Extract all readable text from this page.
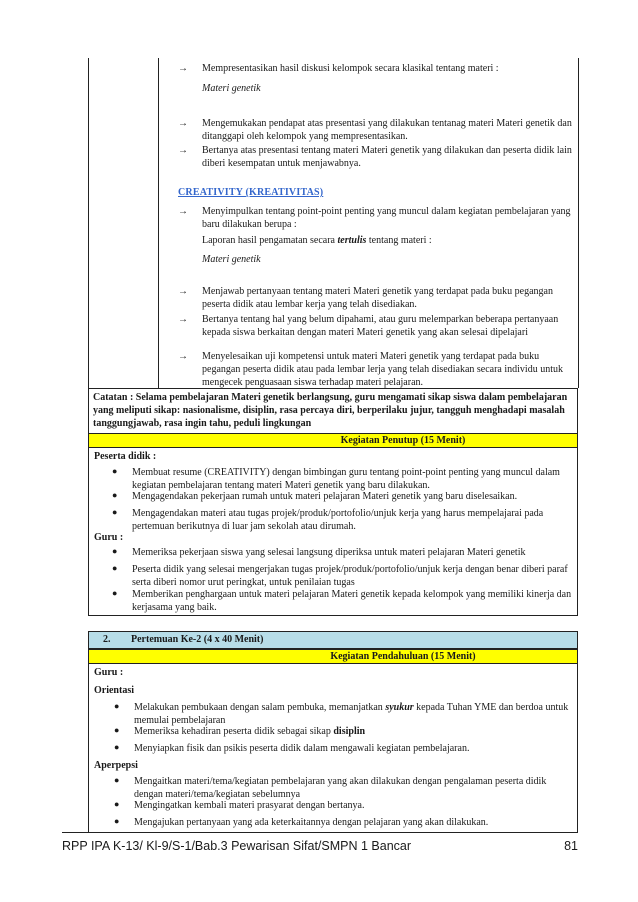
→	Mempresentasikan hasil diskusi kelompok secara klasikal tentang materi :
Materi genetik
→	Mengemukakan pendapat atas presentasi yang dilakukan tentanag materi Materi genetik dan ditanggapi oleh kelompok yang mempresentasikan.
→	Bertanya atas presentasi tentang materi Materi genetik yang dilakukan dan peserta didik lain diberi kesempatan untuk menjawabnya.
CREATIVITY (KREATIVITAS)
→	Menyimpulkan tentang point-point penting yang muncul dalam kegiatan pembelajaran yang baru dilakukan berupa :
Laporan hasil pengamatan secara tertulis tentang materi :
Materi genetik
→	Menjawab pertanyaan tentang materi Materi genetik yang terdapat pada buku pegangan peserta didik atau lembar kerja yang telah disediakan.
→	Bertanya tentang hal yang belum dipahami, atau guru melemparkan beberapa pertanyaan kepada siswa berkaitan dengan materi Materi genetik yang akan selesai dipelajari
→	Menyelesaikan uji kompetensi untuk materi Materi genetik yang terdapat pada buku pegangan peserta didik atau pada lembar lerja yang telah disediakan secara individu untuk mengecek penguasaan siswa terhadap materi pelajaran.
Catatan : Selama pembelajaran Materi genetik berlangsung, guru mengamati sikap siswa dalam pembelajaran yang meliputi sikap: nasionalisme, disiplin, rasa percaya diri, berperilaku jujur, tangguh menghadapi masalah tanggungjawab, rasa ingin tahu, peduli lingkungan
Kegiatan Penutup (15 Menit)
Peserta didik :
●	Membuat resume (CREATIVITY) dengan bimbingan guru tentang point-point penting yang muncul dalam kegiatan pembelajaran tentang materi Materi genetik yang baru dilakukan.
●	Mengagendakan pekerjaan rumah untuk materi pelajaran Materi genetik yang baru diselesaikan.
●	Mengagendakan materi atau tugas projek/produk/portofolio/unjuk kerja yang harus mempelajarai pada pertemuan berikutnya di luar jam sekolah atau dirumah.
Guru :
●	Memeriksa pekerjaan siswa yang selesai langsung diperiksa untuk materi pelajaran Materi genetik
●	Peserta didik yang selesai mengerjakan tugas projek/produk/portofolio/unjuk kerja dengan benar diberi paraf serta diberi nomor urut peringkat, untuk penilaian tugas
●	Memberikan penghargaan untuk materi pelajaran Materi genetik kepada kelompok yang memiliki kinerja dan kerjasama yang baik.
2. Pertemuan Ke-2 (4 x 40 Menit)
Kegiatan Pendahuluan (15 Menit)
Guru :
Orientasi
●	Melakukan pembukaan dengan salam pembuka, memanjatkan syukur kepada Tuhan YME dan berdoa untuk memulai pembelajaran
●	Memeriksa kehadiran peserta didik sebagai sikap disiplin
●	Menyiapkan fisik dan psikis peserta didik dalam mengawali kegiatan pembelajaran.
Aperpepsi
●	Mengaitkan materi/tema/kegiatan pembelajaran yang akan dilakukan dengan pengalaman peserta didik dengan materi/tema/kegiatan sebelumnya
●	Mengingatkan kembali materi prasyarat dengan bertanya.
●	Mengajukan pertanyaan yang ada keterkaitannya dengan pelajaran yang akan dilakukan.
RPP IPA K-13/ Kl-9/S-1/Bab.3 Pewarisan Sifat/SMPN 1 Bancar	81
